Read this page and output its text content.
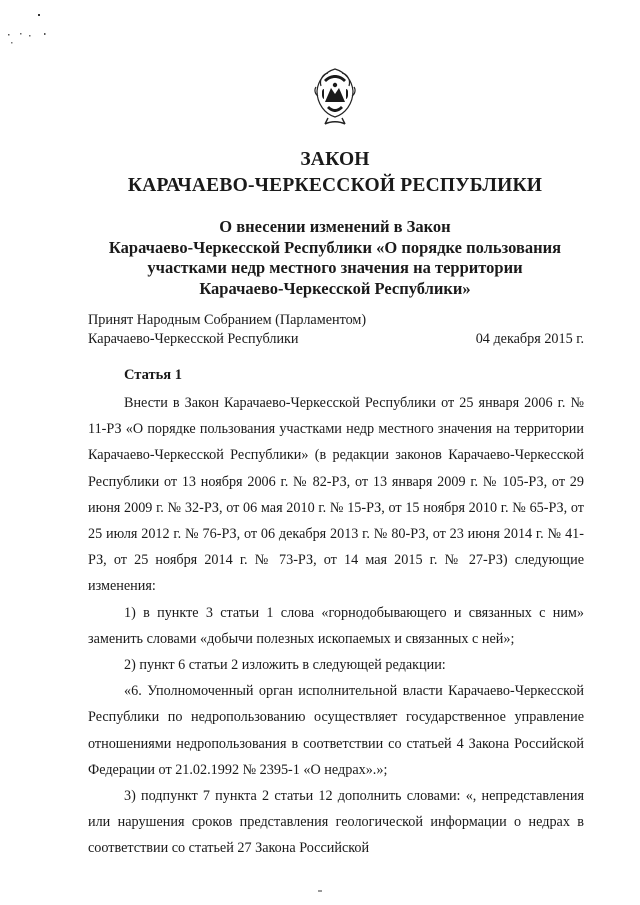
ЗАКОН
КАРАЧАЕВО-ЧЕРКЕССКОЙ РЕСПУБЛИКИ
О внесении изменений в Закон
Карачаево-Черкесской Республики «О порядке пользования
участками недр местного значения на территории
Карачаево-Черкесской Республики»
Принят Народным Собранием (Парламентом)
Карачаево-Черкесской Республики	04 декабря 2015 г.
Статья 1

Внести в Закон Карачаево-Черкесской Республики от 25 января 2006 г. № 11-РЗ «О порядке пользования участками недр местного значения на территории Карачаево-Черкесской Республики» (в редакции законов Карачаево-Черкесской Республики от 13 ноября 2006 г. № 82-РЗ, от 13 января 2009 г. № 105-РЗ, от 29 июня 2009 г. № 32-РЗ, от 06 мая 2010 г. № 15-РЗ, от 15 ноября 2010 г. № 65-РЗ, от 25 июля 2012 г. № 76-РЗ, от 06 декабря 2013 г. № 80-РЗ, от 23 июня 2014 г. № 41-РЗ, от 25 ноября 2014 г. № 73-РЗ, от 14 мая 2015 г. № 27-РЗ) следующие изменения:

1) в пункте 3 статьи 1 слова «горнодобывающего и связанных с ним» заменить словами «добычи полезных ископаемых и связанных с ней»;

2) пункт 6 статьи 2 изложить в следующей редакции:

«6. Уполномоченный орган исполнительной власти Карачаево-Черкесской Республики по недропользованию осуществляет государственное управление отношениями недропользования в соответствии со статьей 4 Закона Российской Федерации от 21.02.1992 № 2395-1 «О недрах».»;

3) подпункт 7 пункта 2 статьи 12 дополнить словами: «, непредставления или нарушения сроков представления геологической информации о недрах в соответствии со статьей 27 Закона Российской
